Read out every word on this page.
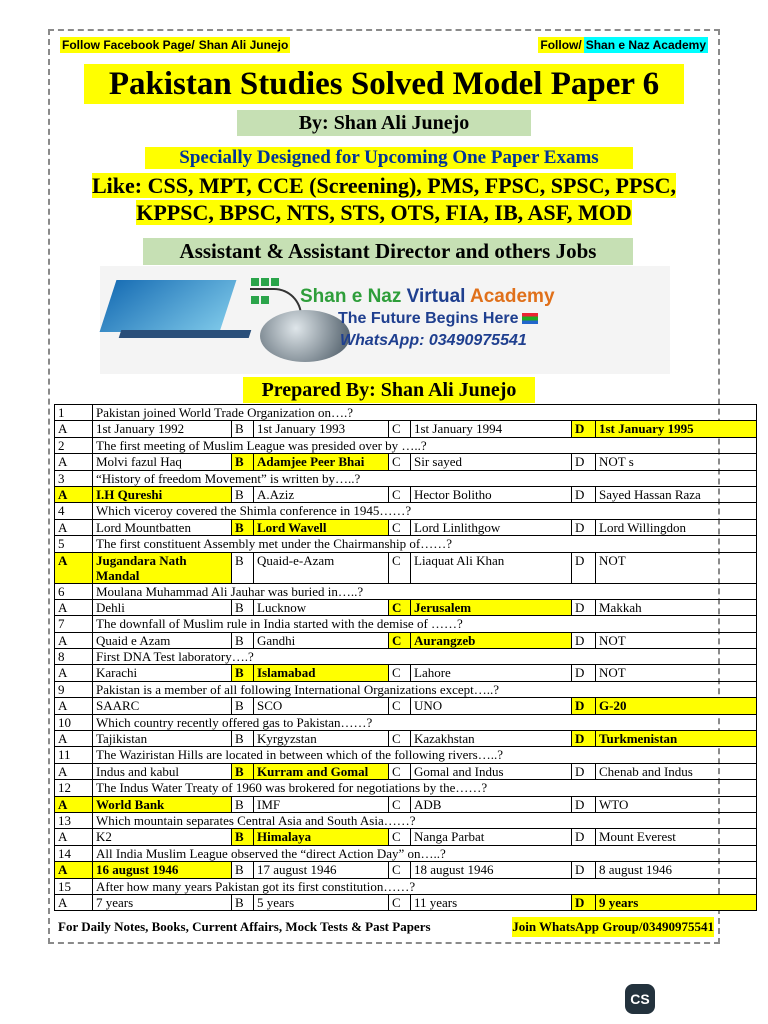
Follow Facebook Page/ Shan Ali Junejo	Follow/ Shan e Naz Academy
Pakistan Studies Solved Model Paper 6
By: Shan Ali Junejo
Specially Designed for Upcoming One Paper Exams
Like: CSS, MPT, CCE (Screening), PMS, FPSC, SPSC, PPSC,
KPPSC, BPSC, NTS, STS, OTS, FIA, IB, ASF, MOD
Assistant & Assistant Director and others Jobs

Shan e Naz Virtual Academy
The Future Begins Here
WhatsApp: 03490975541
Prepared By: Shan Ali Junejo
1	Pakistan joined World Trade Organization on….?						
A	1st January 1992	B	1st January 1993	C	1st January 1994	D	1st January 1995
2	The first meeting of Muslim League was presided over by …..?						
A	Molvi fazul Haq	B	Adamjee Peer Bhai	C	Sir sayed	D	NOT s
3	“History of freedom Movement” is written by…..?						
A	I.H Qureshi	B	A.Aziz	C	Hector Bolitho	D	Sayed Hassan Raza
4	Which viceroy covered the Shimla conference in 1945……?						
A	Lord Mountbatten	B	Lord Wavell	C	Lord Linlithgow	D	Lord Willingdon
5	The first constituent Assembly met under the Chairmanship of……?						
A	Jugandara Nath Mandal	B	Quaid-e-Azam	C	Liaquat Ali Khan	D	NOT
6	Moulana Muhammad Ali Jauhar was buried in…..?						
A	Dehli	B	Lucknow	C	Jerusalem	D	Makkah
7	The downfall of Muslim rule in India started with the demise of ……?						
A	Quaid e Azam	B	Gandhi	C	Aurangzeb	D	NOT
8	First DNA Test laboratory….?						
A	Karachi	B	Islamabad	C	Lahore	D	NOT
9	Pakistan is a member of all following International Organizations except…..?						
A	SAARC	B	SCO	C	UNO	D	G-20
10	Which country recently offered gas to Pakistan……?						
A	Tajikistan	B	Kyrgyzstan	C	Kazakhstan	D	Turkmenistan
11	The Waziristan Hills are located in between which of the following rivers…..?						
A	Indus and kabul	B	Kurram and Gomal	C	Gomal and Indus	D	Chenab and Indus
12	The Indus Water Treaty of 1960 was brokered for negotiations by the……?						
A	World Bank	B	IMF	C	ADB	D	WTO
13	Which mountain separates Central Asia and South Asia……?						
A	K2	B	Himalaya	C	Nanga Parbat	D	Mount Everest
14	All India Muslim League observed the “direct Action Day” on…..?						
A	16 august 1946	B	17 august 1946	C	18 august 1946	D	8 august 1946
15	After how many years Pakistan got its first constitution……?						
A	7 years	B	5 years	C	11 years	D	9 years
For Daily Notes, Books, Current Affairs, Mock Tests & Past Papers	Join WhatsApp Group/03490975541
CS
